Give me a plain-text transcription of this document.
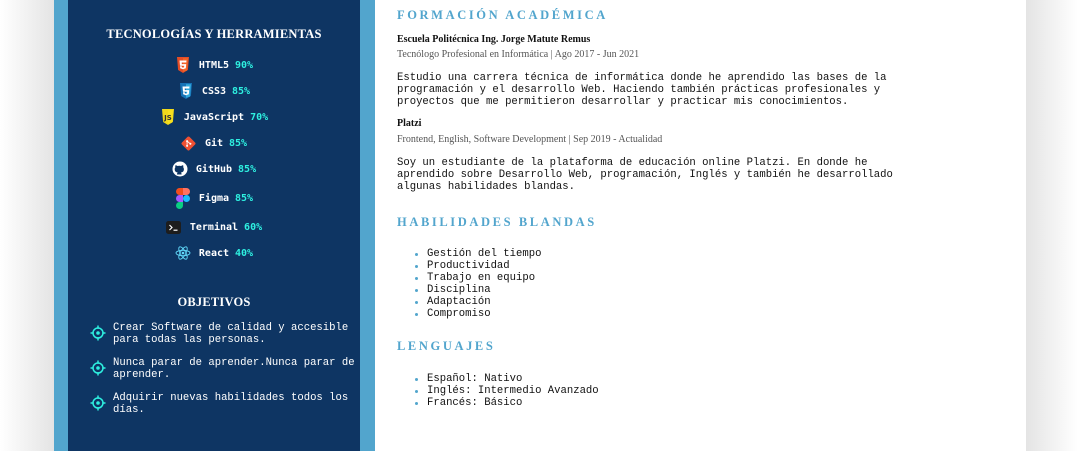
TECNOLOGÍAS Y HERRAMIENTAS
HTML5 90%
CSS3 85%
JS JavaScript 70%
Git 85%
GitHub 85%
Figma 85%
Terminal 60%
React 40%
OBJETIVOS
Crear Software de calidad y accesible para todas las personas.
Nunca parar de aprender.Nunca parar de aprender.
Adquirir nuevas habilidades todos los días.
FORMACIÓN ACADÉMICA
Escuela Politécnica Ing. Jorge Matute Remus
Tecnólogo Profesional en Informática | Ago 2017 - Jun 2021
Estudio una carrera técnica de informática donde he aprendido las bases de la programación y el desarrollo Web. Haciendo también prácticas profesionales y proyectos que me permitieron desarrollar y practicar mis conocimientos.
Platzi
Frontend, English, Software Development | Sep 2019 - Actualidad
Soy un estudiante de la plataforma de educación online Platzi. En donde he aprendido sobre Desarrollo Web, programación, Inglés y también he desarrollado algunas habilidades blandas.
HABILIDADES BLANDAS
Gestión del tiempo
Productividad
Trabajo en equipo
Disciplina
Adaptación
Compromiso
LENGUAJES
Español: Nativo
Inglés: Intermedio Avanzado
Francés: Básico
